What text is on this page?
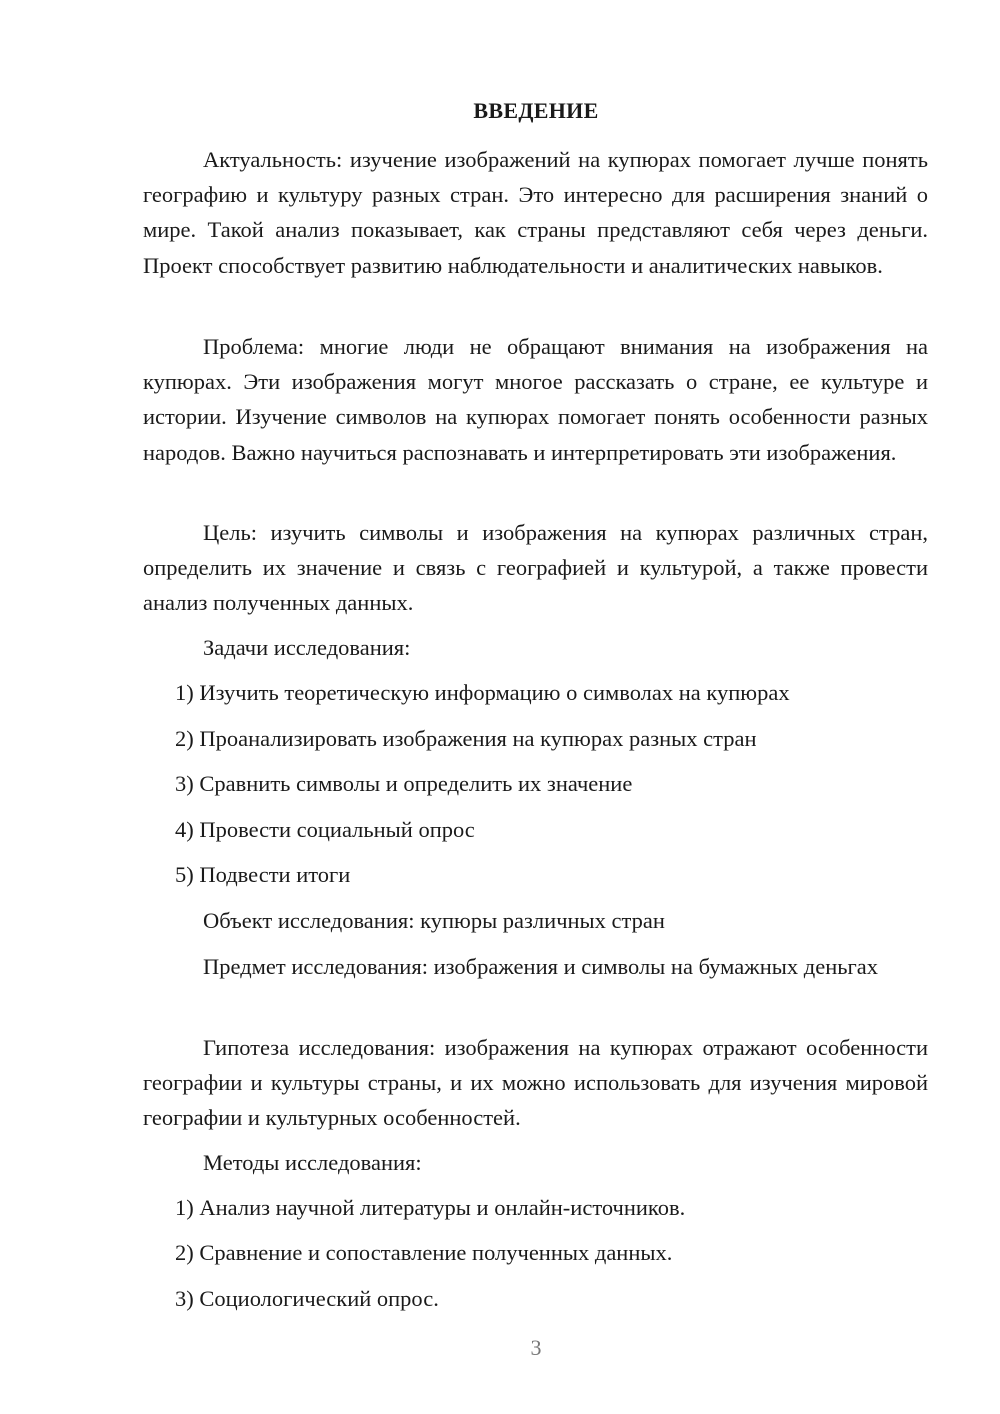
ВВЕДЕНИЕ

Актуальность: изучение изображений на купюрах помогает лучше понять географию и культуру разных стран. Это интересно для расширения знаний о мире. Такой анализ показывает, как страны представляют себя через деньги. Проект способствует развитию наблюдательности и аналитических навыков.

Проблема: многие люди не обращают внимания на изображения на купюрах. Эти изображения могут многое рассказать о стране, ее культуре и истории. Изучение символов на купюрах помогает понять особенности разных народов. Важно научиться распознавать и интерпретировать эти изображения.

Цель: изучить символы и изображения на купюрах различных стран, определить их значение и связь с географией и культурой, а также провести анализ полученных данных.

Задачи исследования:

1) Изучить теоретическую информацию о символах на купюрах

2) Проанализировать изображения на купюрах разных стран

3) Сравнить символы и определить их значение

4) Провести социальный опрос

5) Подвести итоги

Объект исследования: купюры различных стран

Предмет исследования: изображения и символы на бумажных деньгах

Гипотеза исследования: изображения на купюрах отражают особенности географии и культуры страны, и их можно использовать для изучения мировой географии и культурных особенностей.

Методы исследования:

1) Анализ научной литературы и онлайн-источников.

2) Сравнение и сопоставление полученных данных.

3) Социологический опрос.

3
